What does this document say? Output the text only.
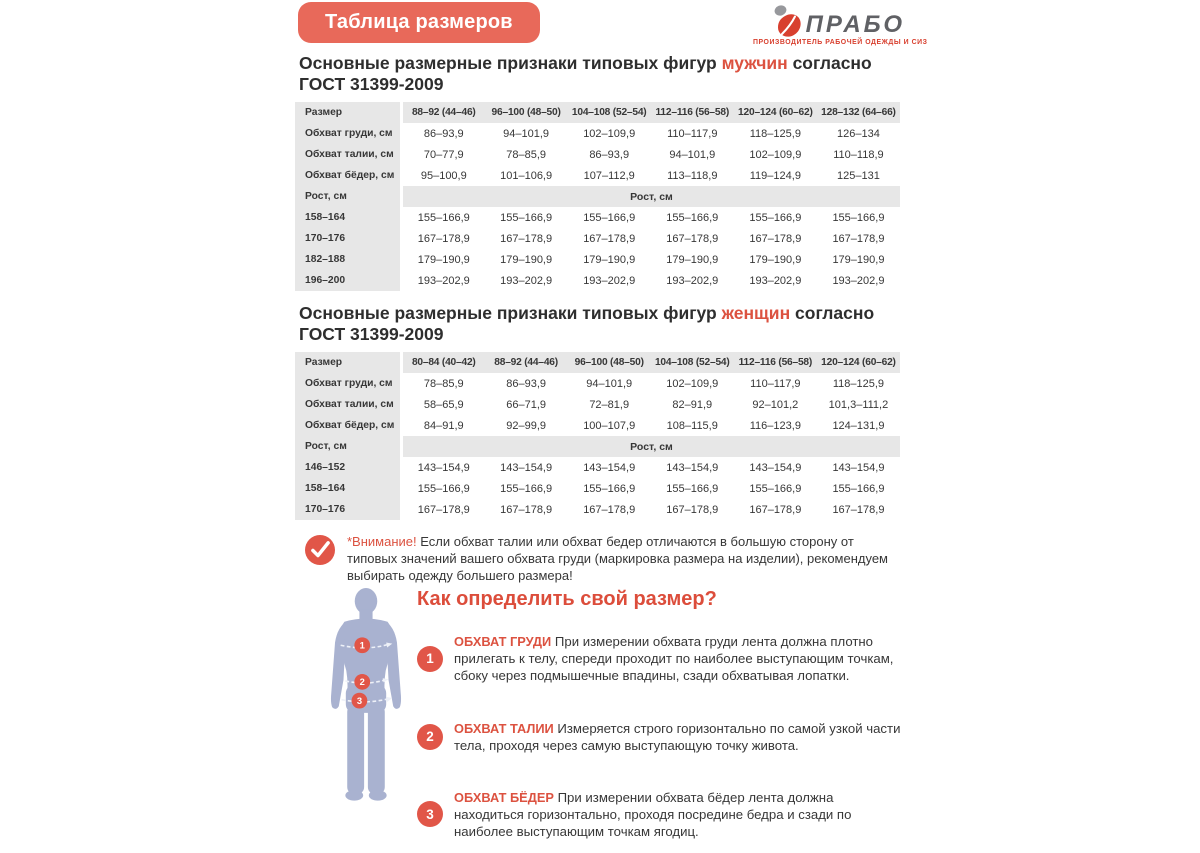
Таблица размеров	ПРАБО
ПРОИЗВОДИТЕЛЬ РАБОЧЕЙ ОДЕЖДЫ И СИЗ
Основные размерные признаки типовых фигур мужчин согласно
ГОСТ 31399-2009
Размер	88–92 (44–46)	96–100 (48–50)	104–108 (52–54)	112–116 (56–58)	120–124 (60–62)	128–132 (64–66)
Обхват груди, см	86–93,9	94–101,9	102–109,9	110–117,9	118–125,9	126–134
Обхват талии, см	70–77,9	78–85,9	86–93,9	94–101,9	102–109,9	110–118,9
Обхват бёдер, см	95–100,9	101–106,9	107–112,9	113–118,9	119–124,9	125–131
Рост, см	Рост, см					
158–164	155–166,9	155–166,9	155–166,9	155–166,9	155–166,9	155–166,9
170–176	167–178,9	167–178,9	167–178,9	167–178,9	167–178,9	167–178,9
182–188	179–190,9	179–190,9	179–190,9	179–190,9	179–190,9	179–190,9
196–200	193–202,9	193–202,9	193–202,9	193–202,9	193–202,9	193–202,9
Основные размерные признаки типовых фигур женщин согласно
ГОСТ 31399-2009
Размер	80–84 (40–42)	88–92 (44–46)	96–100 (48–50)	104–108 (52–54)	112–116 (56–58)	120–124 (60–62)
Обхват груди, см	78–85,9	86–93,9	94–101,9	102–109,9	110–117,9	118–125,9
Обхват талии, см	58–65,9	66–71,9	72–81,9	82–91,9	92–101,2	101,3–111,2
Обхват бёдер, см	84–91,9	92–99,9	100–107,9	108–115,9	116–123,9	124–131,9
Рост, см	Рост, см					
146–152	143–154,9	143–154,9	143–154,9	143–154,9	143–154,9	143–154,9
158–164	155–166,9	155–166,9	155–166,9	155–166,9	155–166,9	155–166,9
170–176	167–178,9	167–178,9	167–178,9	167–178,9	167–178,9	167–178,9

*Внимание! Если обхват талии или обхват бедер отличаются в большую сторону от типовых значений вашего обхвата груди (маркировка размера на изделии), рекомендуем выбирать одежду большего размера!

1
2
3
Как определить свой размер?
1

ОБХВАТ ГРУДИ При измерении обхвата груди лента должна плотно прилегать к телу, спереди проходит по наиболее выступающим точкам, сбоку через подмышечные впадины, сзади обхватывая лопатки.

2

ОБХВАТ ТАЛИИ Измеряется строго горизонтально по самой узкой части тела, проходя через самую выступающую точку живота.

3

ОБХВАТ БЁДЕР При измерении обхвата бёдер лента должна находиться горизонтально, проходя посредине бедра и сзади по наиболее выступающим точкам ягодиц.
